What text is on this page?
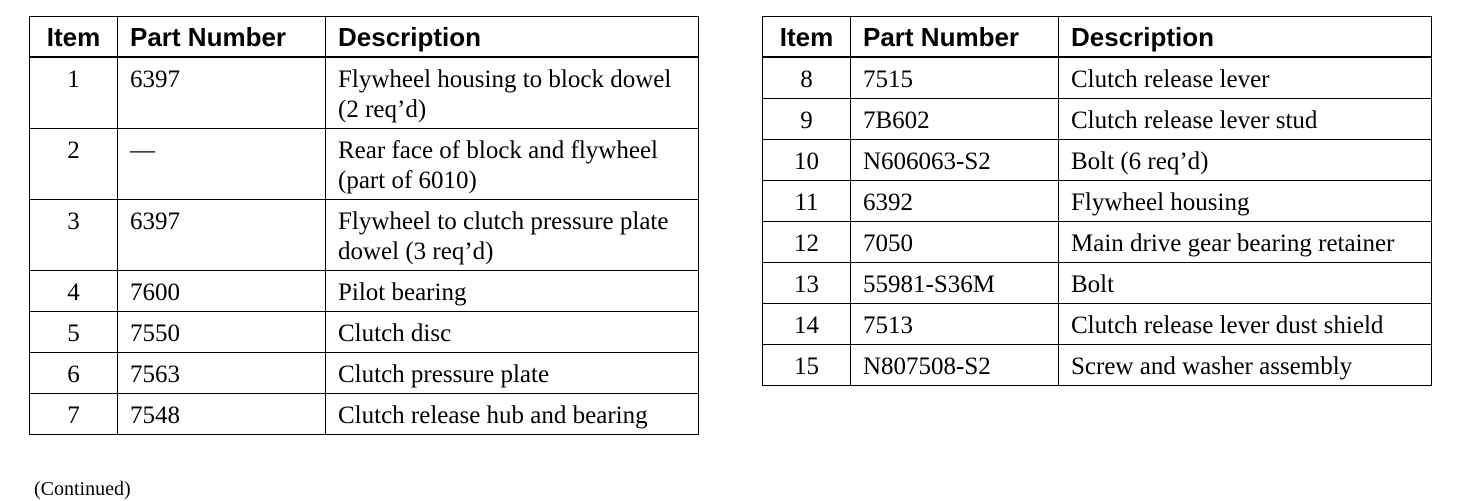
Item	Part Number	Description
1	6397	Flywheel housing to block dowel (2 req’d)
2	—	Rear face of block and flywheel (part of 6010)
3	6397	Flywheel to clutch pressure plate dowel (3 req’d)
4	7600	Pilot bearing
5	7550	Clutch disc
6	7563	Clutch pressure plate
7	7548	Clutch release hub and bearing
Item	Part Number	Description
8	7515	Clutch release lever
9	7B602	Clutch release lever stud
10	N606063-S2	Bolt (6 req’d)
11	6392	Flywheel housing
12	7050	Main drive gear bearing retainer
13	55981-S36M	Bolt
14	7513	Clutch release lever dust shield
15	N807508-S2	Screw and washer assembly
(Continued)
